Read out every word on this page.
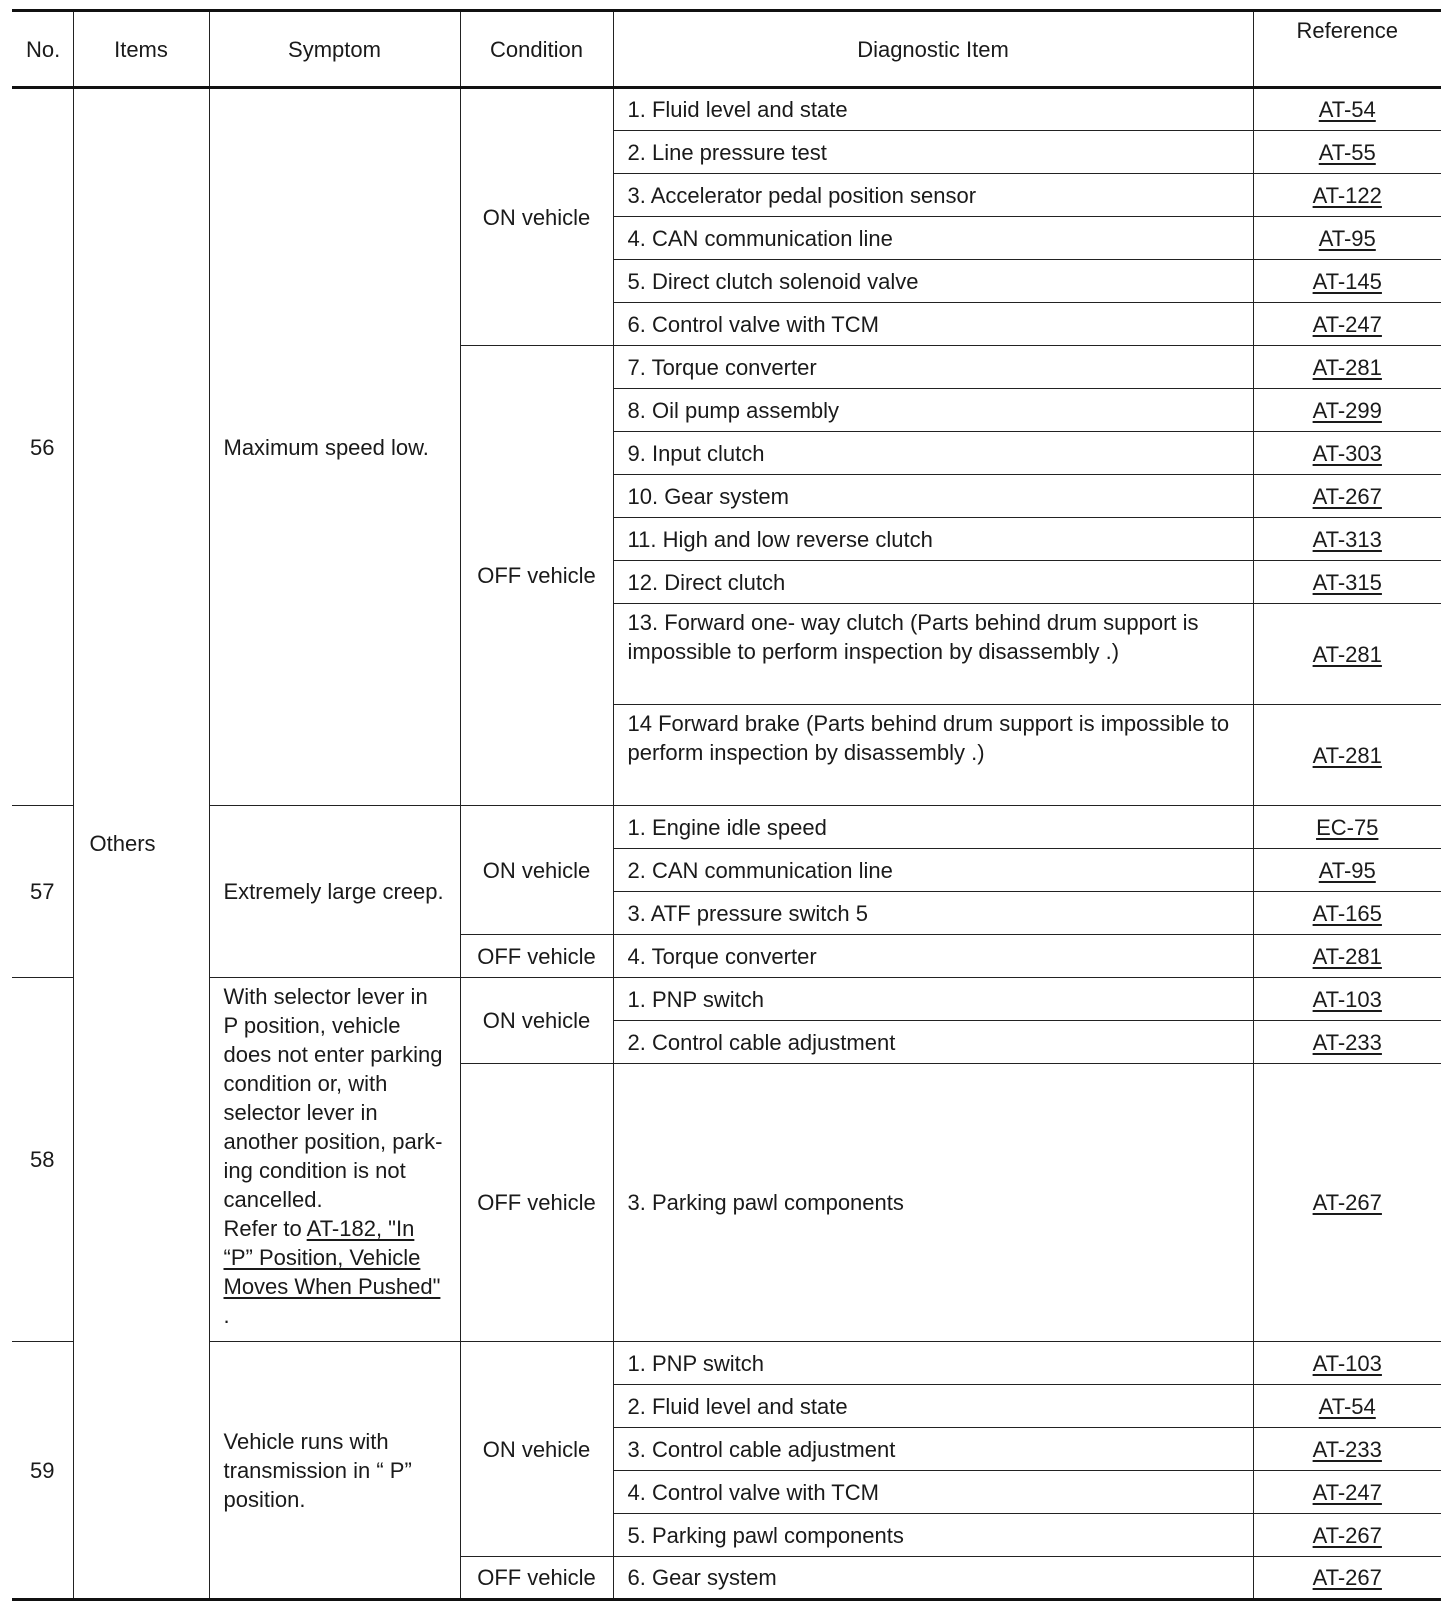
No.	Items	Symptom	Condition	Diagnostic Item	Reference
56	Others	Maximum speed low.	ON vehicle	1. Fluid level and state	AT-54
				2. Line pressure test	AT-55
				3. Accelerator pedal position sensor	AT-122
				4. CAN communication line	AT-95
				5. Direct clutch solenoid valve	AT-145
				6. Control valve with TCM	AT-247
			OFF vehicle	7. Torque converter	AT-281
				8. Oil pump assembly	AT-299
				9. Input clutch	AT-303
				10. Gear system	AT-267
				11. High and low reverse clutch	AT-313
				12. Direct clutch	AT-315
				13. Forward one- way clutch (Parts behind drum support is impossible to perform inspection by disassembly .)	AT-281
				14 Forward brake (Parts behind drum support is impossible to perform inspection by disassembly .)	AT-281
57		Extremely large creep.	ON vehicle	1. Engine idle speed	EC-75
				2. CAN communication line	AT-95
				3. ATF pressure switch 5	AT-165
			OFF vehicle	4. Torque converter	AT-281
58		With selector lever in P position, vehicle does not enter parking condition or, with selector lever in another position, park-ing condition is not cancelled.
Refer to AT-182, "In “P” Position, Vehicle Moves When Pushed"
.	ON vehicle	1. PNP switch	AT-103
				2. Control cable adjustment	AT-233
			OFF vehicle	3. Parking pawl components	AT-267
59		Vehicle runs with transmission in “ P” position.	ON vehicle	1. PNP switch	AT-103
				2. Fluid level and state	AT-54
				3. Control cable adjustment	AT-233
				4. Control valve with TCM	AT-247
				5. Parking pawl components	AT-267
			OFF vehicle	6. Gear system	AT-267
